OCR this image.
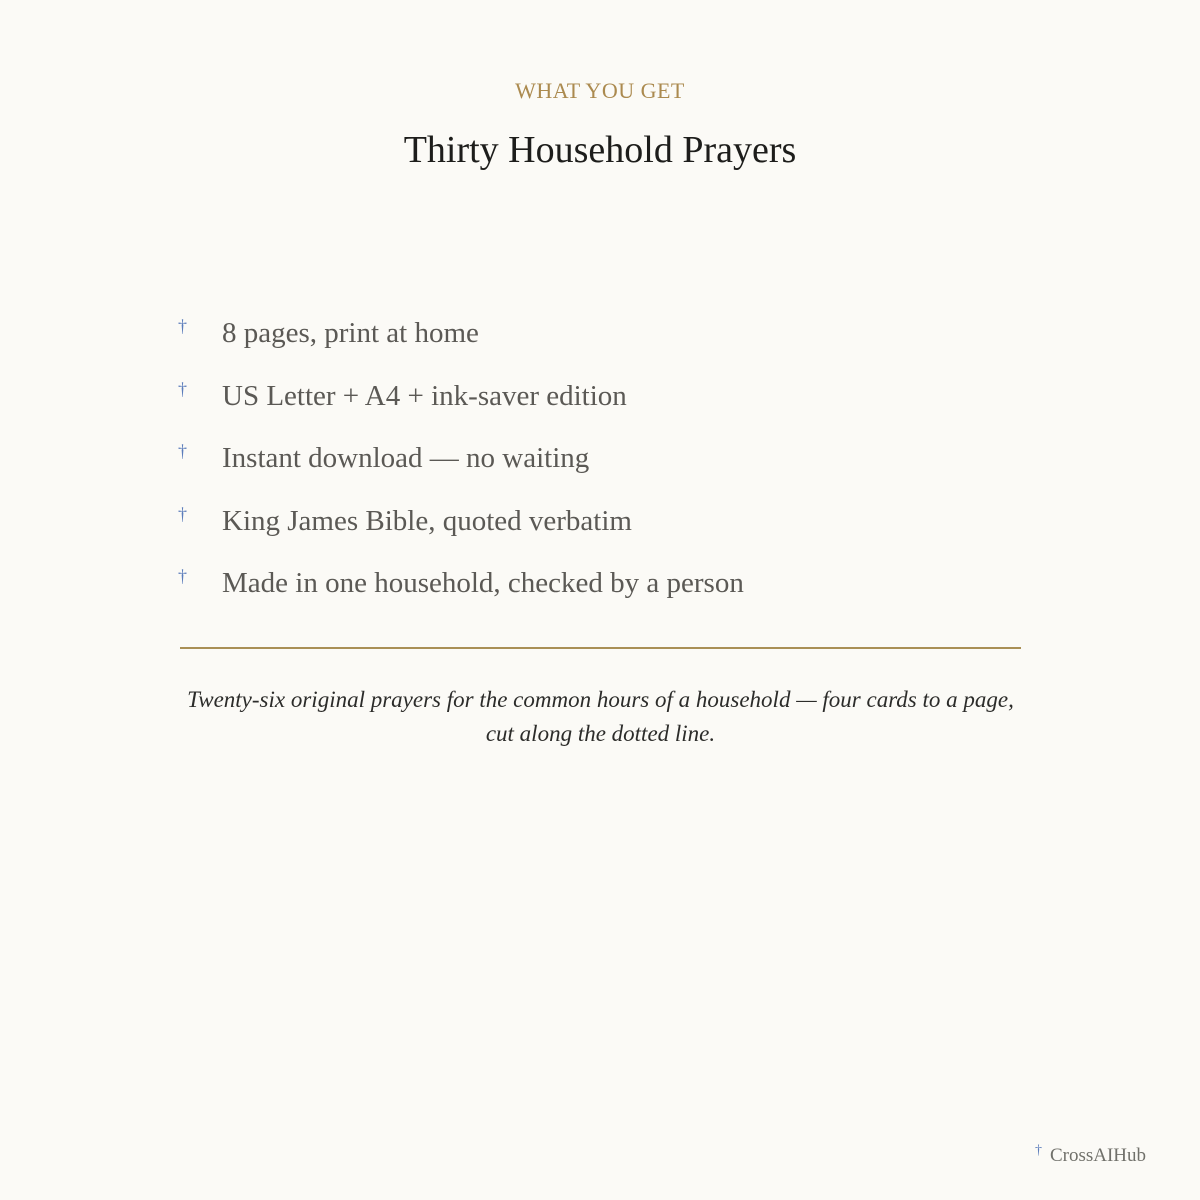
WHAT YOU GET
Thirty Household Prayers
†	8 pages, print at home
†	US Letter + A4 + ink-saver edition
†	Instant download — no waiting
†	King James Bible, quoted verbatim
†	Made in one household, checked by a person
Twenty-six original prayers for the common hours of a household — four cards to a page, cut along the dotted line.
† CrossAIHub
